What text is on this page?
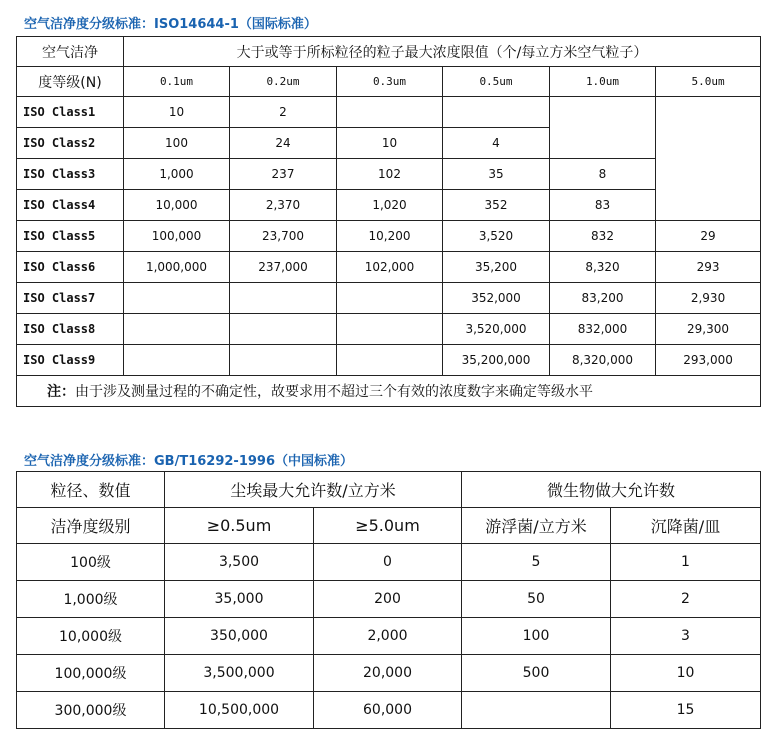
空气洁净度分级标准：ISO14644-1（国际标准）
空气洁净	大于或等于所标粒径的粒子最大浓度限值（个/每立方米空气粒子）					
度等级(N)	0.1um	0.2um	0.3um	0.5um	1.0um	5.0um
ISO Class1	10	2				
ISO Class2	100	24	10	4		
ISO Class3	1,000	237	102	35	8	
ISO Class4	10,000	2,370	1,020	352	83	
ISO Class5	100,000	23,700	10,200	3,520	832	29
ISO Class6	1,000,000	237,000	102,000	35,200	8,320	293
ISO Class7				352,000	83,200	2,930
ISO Class8				3,520,000	832,000	29,300
ISO Class9				35,200,000	8,320,000	293,000
注：由于涉及测量过程的不确定性，故要求用不超过三个有效的浓度数字来确定等级水平						
空气洁净度分级标准：GB/T16292-1996（中国标准）
粒径、数值	尘埃最大允许数/立方米		微生物做大允许数	
洁净度级别	≥0.5um	≥5.0um	游浮菌/立方米	沉降菌/皿
100级	3,500	0	5	1
1,000级	35,000	200	50	2
10,000级	350,000	2,000	100	3
100,000级	3,500,000	20,000	500	10
300,000级	10,500,000	60,000		15
